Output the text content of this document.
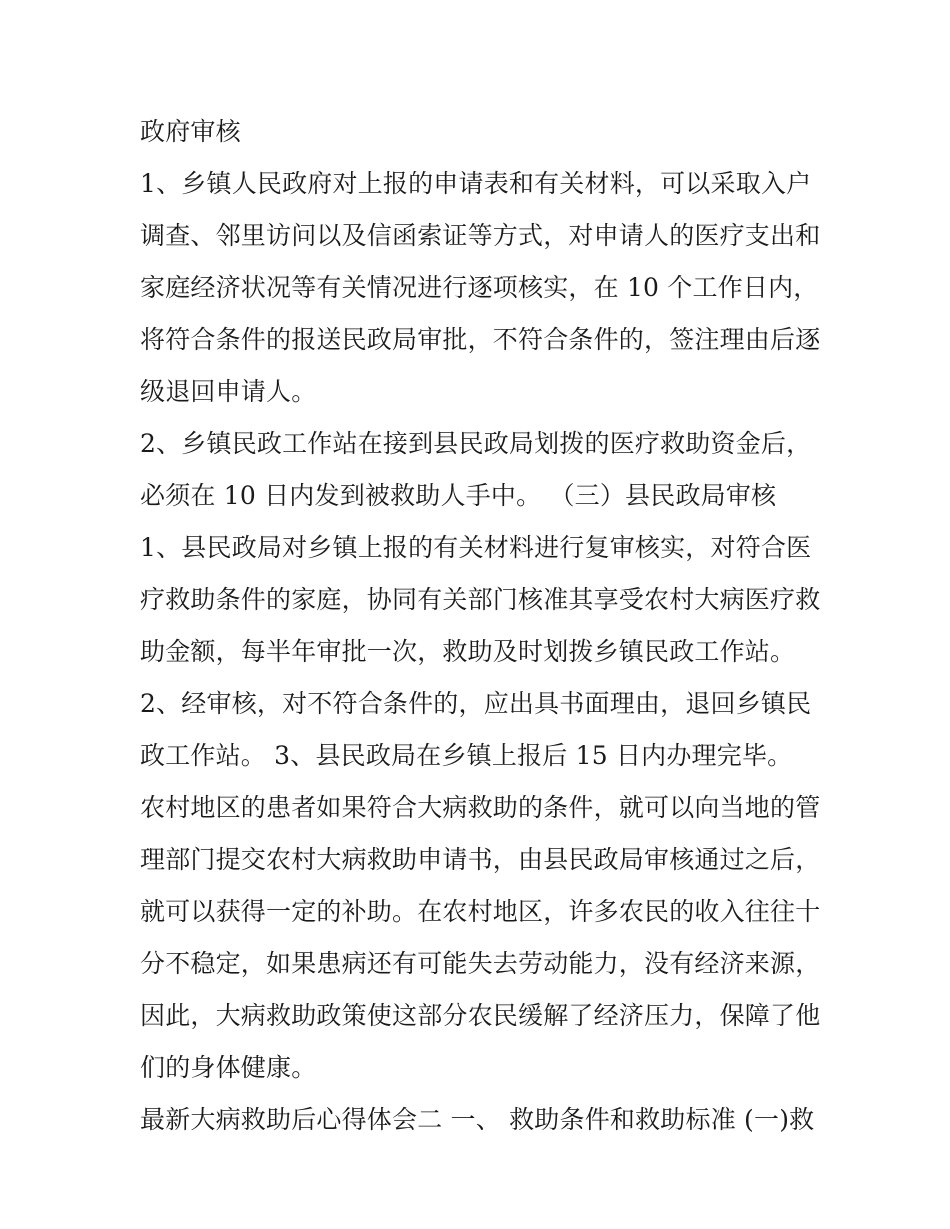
政府审核
1、乡镇人民政府对上报的申请表和有关材料，可以采取入户
调查、邻里访问以及信函索证等方式，对申请人的医疗支出和
家庭经济状况等有关情况进行逐项核实，在 10 个工作日内，
将符合条件的报送民政局审批，不符合条件的，签注理由后逐
级退回申请人。
2、乡镇民政工作站在接到县民政局划拨的医疗救助资金后，
必须在 10 日内发到被救助人手中。 （三）县民政局审核
1、县民政局对乡镇上报的有关材料进行复审核实，对符合医
疗救助条件的家庭，协同有关部门核准其享受农村大病医疗救
助金额，每半年审批一次，救助及时划拨乡镇民政工作站。
2、经审核，对不符合条件的，应出具书面理由，退回乡镇民
政工作站。 3、县民政局在乡镇上报后 15 日内办理完毕。
农村地区的患者如果符合大病救助的条件，就可以向当地的管
理部门提交农村大病救助申请书，由县民政局审核通过之后，
就可以获得一定的补助。在农村地区，许多农民的收入往往十
分不稳定，如果患病还有可能失去劳动能力，没有经济来源，
因此，大病救助政策使这部分农民缓解了经济压力，保障了他
们的身体健康。
最新大病救助后心得体会二 一、 救助条件和救助标准 (一)救
